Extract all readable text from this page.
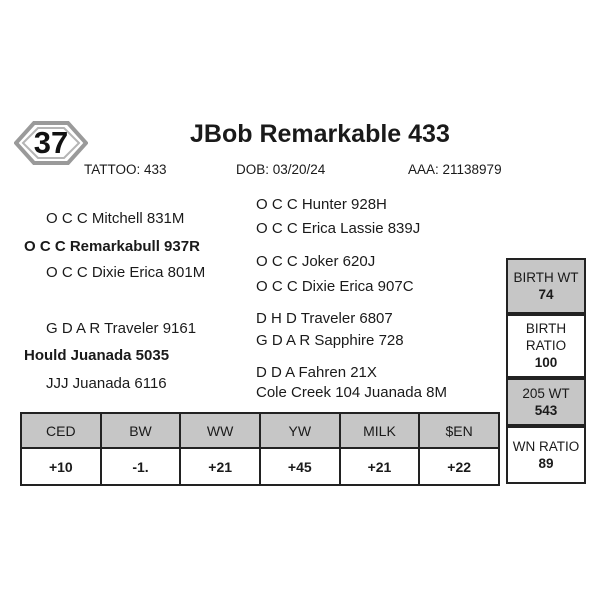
37	JBob Remarkable 433
TATTOO: 433	DOB: 03/20/24	AAA: 21138979
O C C Mitchell 831M
O C C Remarkabull 937R
O C C Dixie Erica 801M
O C C Hunter 928H
O C C Erica Lassie 839J
O C C Joker 620J
O C C Dixie Erica 907C
G D A R Traveler 9161
Hould Juanada 5035
JJJ Juanada 6116
D H D Traveler 6807
G D A R Sapphire 728
D D A Fahren 21X
Cole Creek 104 Juanada 8M
CED	BW	WW	YW	MILK	$EN
+10	-1.	+21	+45	+21	+22
BIRTH WT
74
BIRTH
RATIO
100
205 WT
543
WN RATIO
89
